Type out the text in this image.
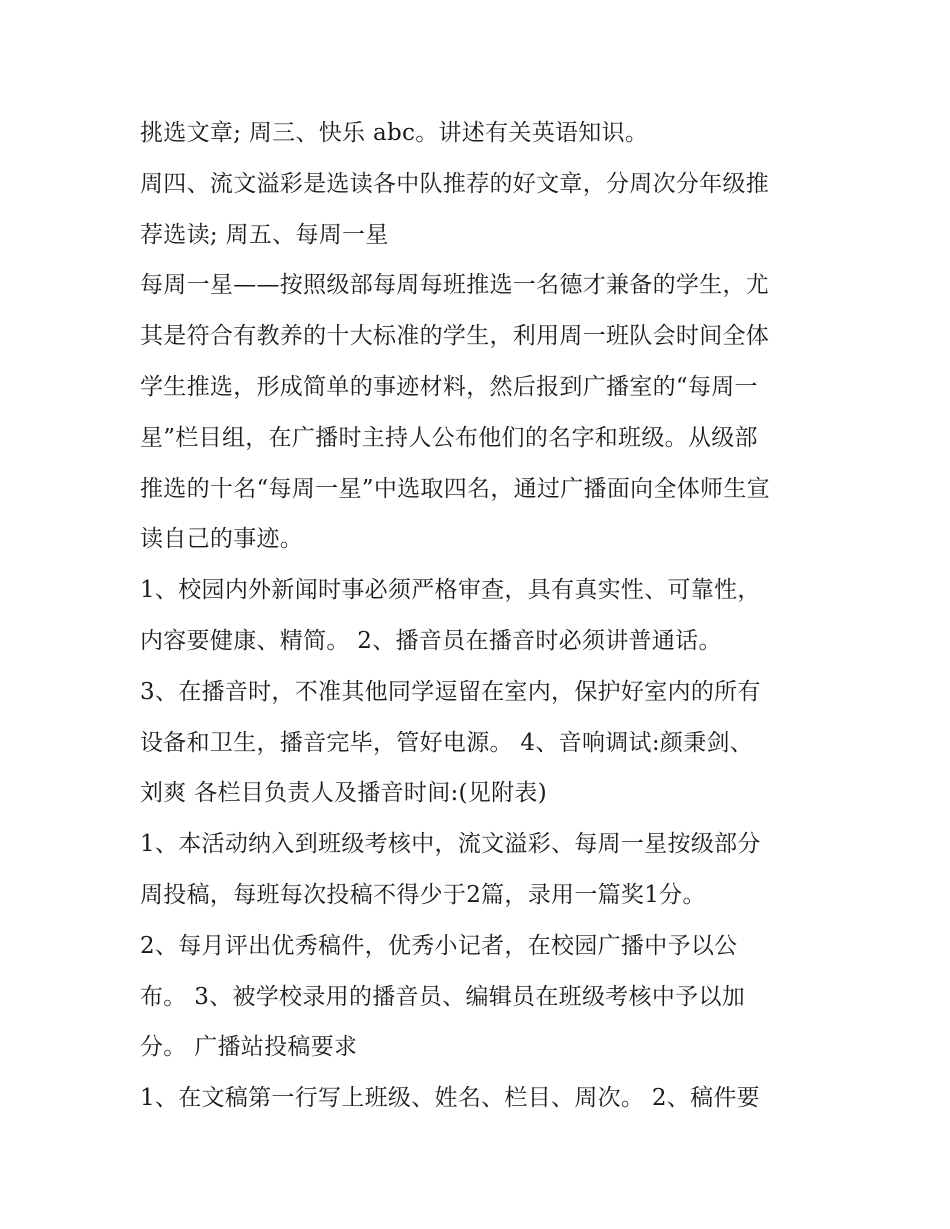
挑选文章; 周三、快乐 abc。讲述有关英语知识。
周四、流文溢彩是选读各中队推荐的好文章，分周次分年级推
荐选读; 周五、每周一星
每周一星——按照级部每周每班推选一名德才兼备的学生，尤
其是符合有教养的十大标准的学生，利用周一班队会时间全体
学生推选，形成简单的事迹材料，然后报到广播室的“每周一
星”栏目组，在广播时主持人公布他们的名字和班级。从级部
推选的十名“每周一星”中选取四名，通过广播面向全体师生宣
读自己的事迹。
1、校园内外新闻时事必须严格审查，具有真实性、可靠性，
内容要健康、精简。 2、播音员在播音时必须讲普通话。
3、在播音时，不准其他同学逗留在室内，保护好室内的所有
设备和卫生，播音完毕，管好电源。 4、音响调试:颜秉剑、
刘爽 各栏目负责人及播音时间:(见附表)
1、本活动纳入到班级考核中，流文溢彩、每周一星按级部分
周投稿，每班每次投稿不得少于2篇，录用一篇奖1分。
2、每月评出优秀稿件，优秀小记者，在校园广播中予以公
布。 3、被学校录用的播音员、编辑员在班级考核中予以加
分。 广播站投稿要求
1、在文稿第一行写上班级、姓名、栏目、周次。 2、稿件要
